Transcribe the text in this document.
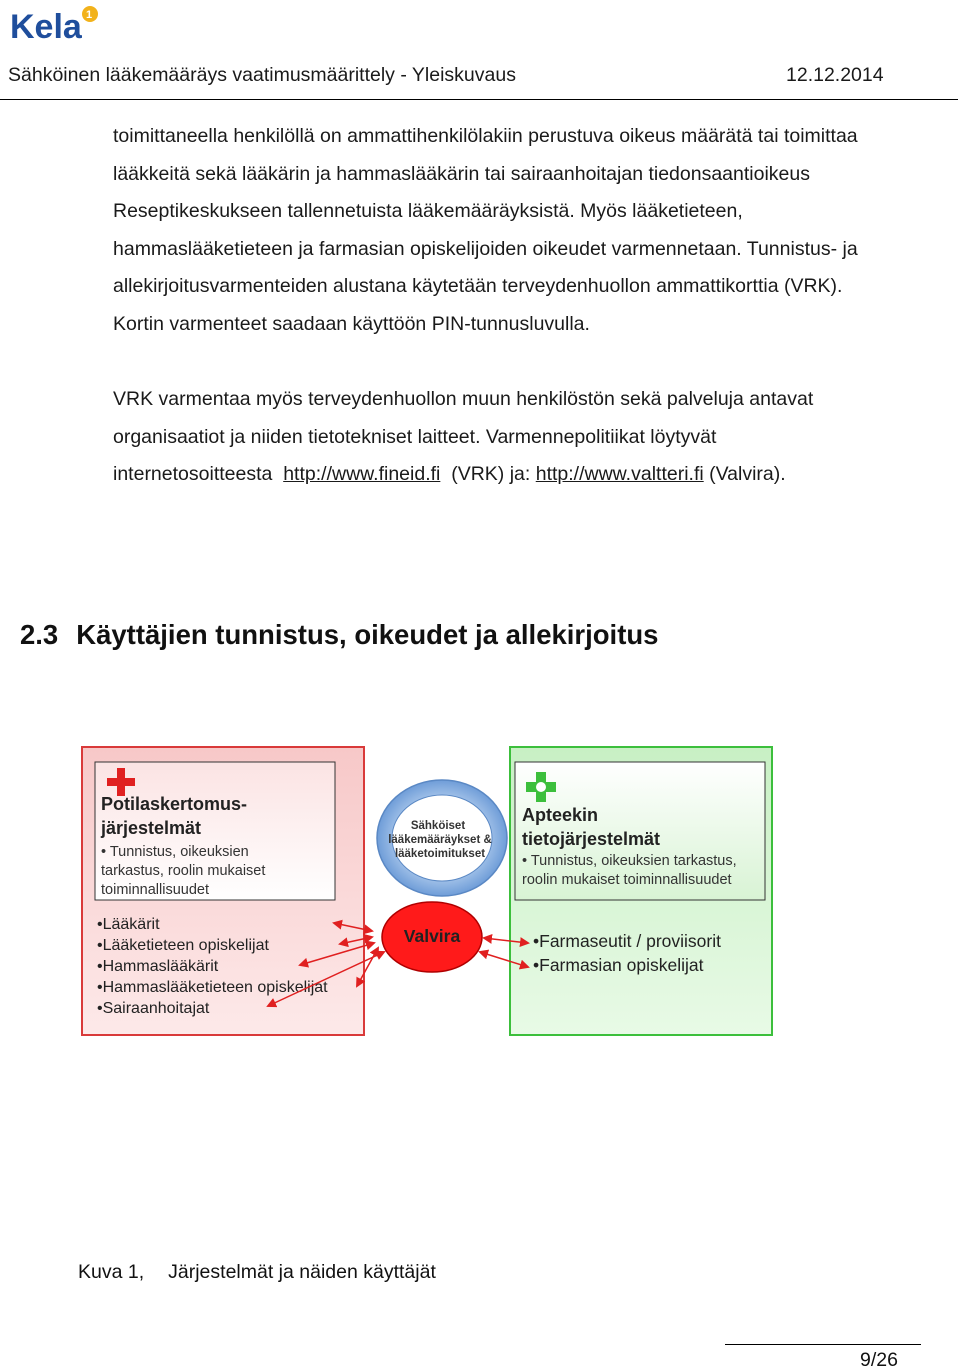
Kela 1
Sähköinen lääkemääräys vaatimusmäärittely - Yleiskuvaus	12.12.2014
toimittaneella henkilöllä on ammattihenkilölakiin perustuva oikeus määrätä tai toimittaa
lääkkeitä sekä lääkärin ja hammaslääkärin tai sairaanhoitajan tiedonsaantioikeus
Reseptikeskukseen tallennetuista lääkemääräyksistä. Myös lääketieteen,
hammaslääketieteen ja farmasian opiskelijoiden oikeudet varmennetaan. Tunnistus- ja
allekirjoitusvarmenteiden alustana käytetään terveydenhuollon ammattikorttia (VRK).
Kortin varmenteet saadaan käyttöön PIN-tunnusluvulla.
VRK varmentaa myös terveydenhuollon muun henkilöstön sekä palveluja antavat
organisaatiot ja niiden tietotekniset laitteet. Varmennepolitiikat löytyvät
internetosoitteesta http://www.fineid.fi (VRK) ja: http://www.valtteri.fi (Valvira).
2.3 Käyttäjien tunnistus, oikeudet ja allekirjoitus
Potilaskertomus-
järjestelmät
• Tunnistus, oikeuksien
tarkastus, roolin mukaiset
toiminnallisuudet
•Lääkärit
•Lääketieteen opiskelijat
•Hammaslääkärit
•Hammaslääketieteen opiskelijat
•Sairaanhoitajat
Apteekin
tietojärjestelmät
• Tunnistus, oikeuksien tarkastus,
roolin mukaiset toiminnallisuudet
•Farmaseutit / proviisorit
•Farmasian opiskelijat
Sähköiset
lääkemääräykset &
lääketoimitukset
Valvira
Kuva 1, Järjestelmät ja näiden käyttäjät
9/26
